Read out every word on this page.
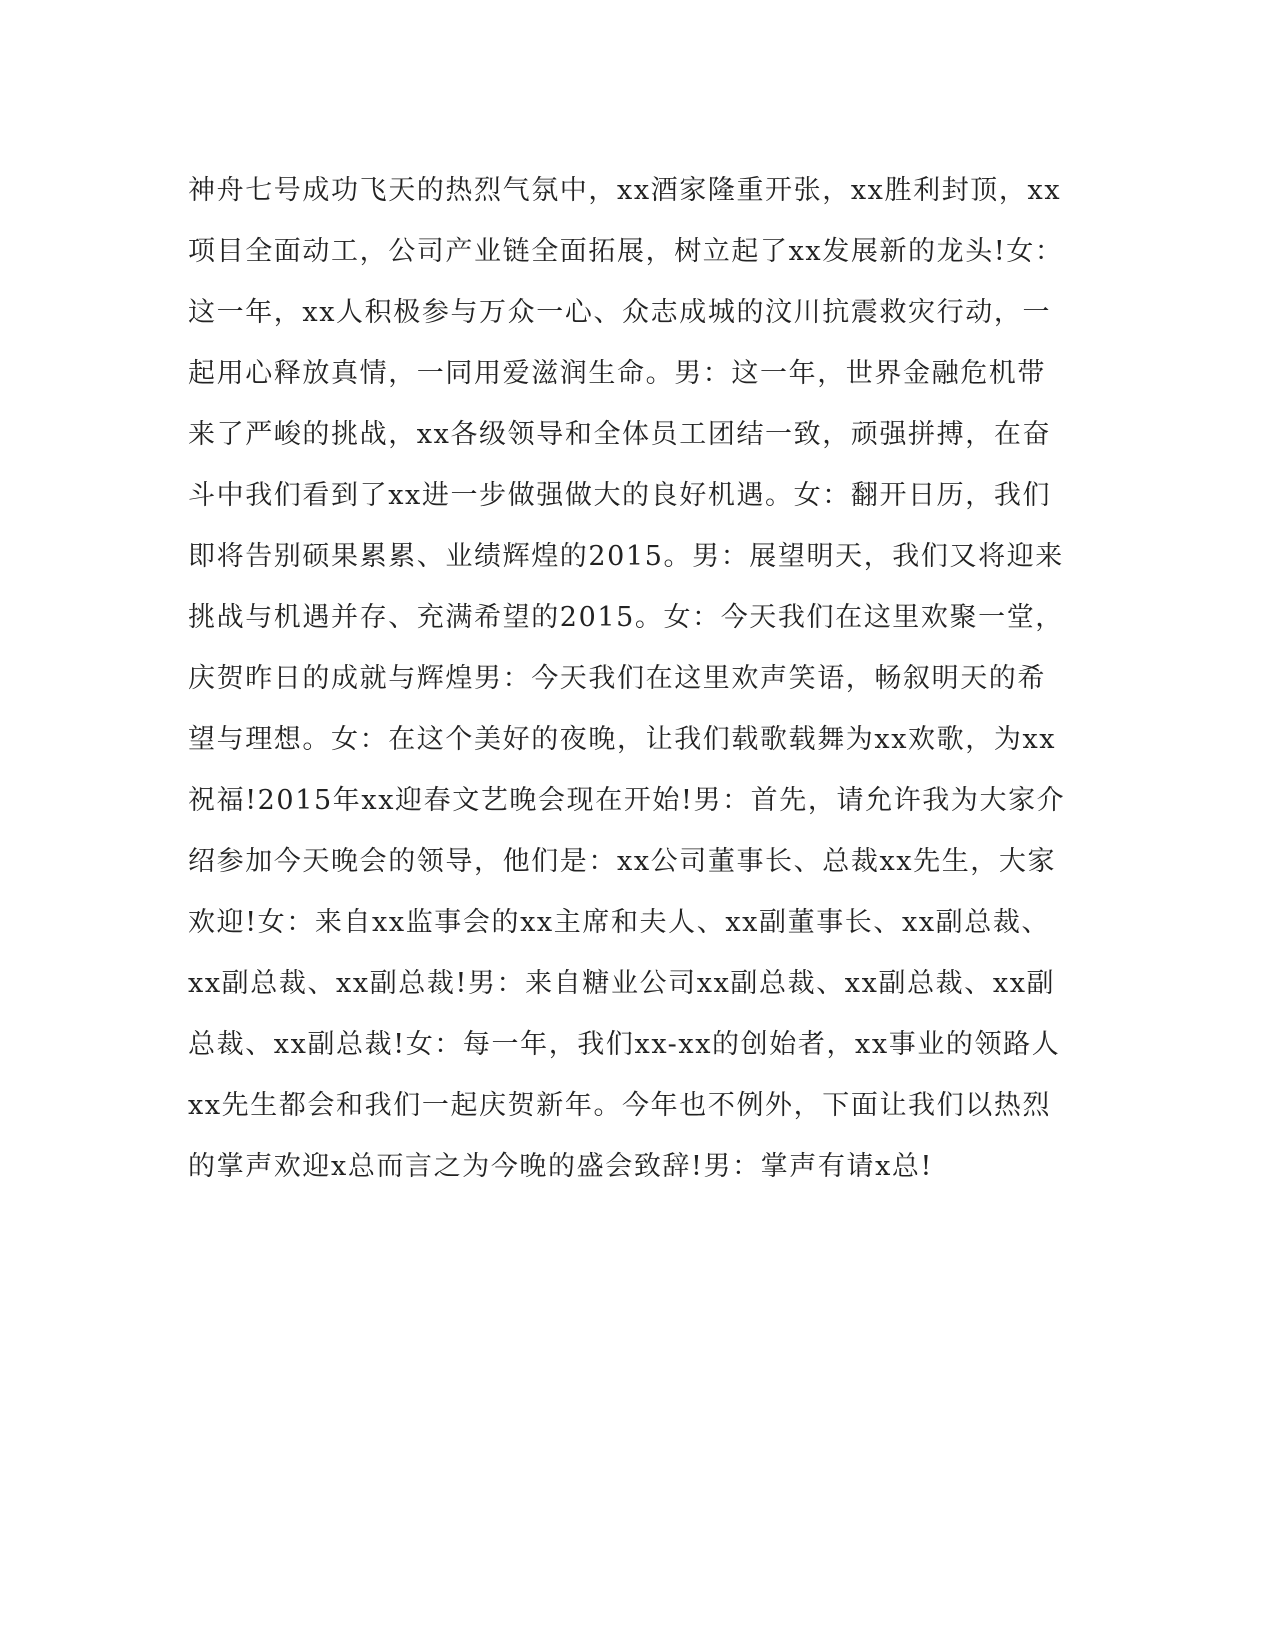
神舟七号成功飞天的热烈气氛中，xx酒家隆重开张，xx胜利封顶，xx
项目全面动工，公司产业链全面拓展，树立起了xx发展新的龙头!女：
这一年，xx人积极参与万众一心、众志成城的汶川抗震救灾行动，一
起用心释放真情，一同用爱滋润生命。男：这一年，世界金融危机带
来了严峻的挑战，xx各级领导和全体员工团结一致，顽强拼搏，在奋
斗中我们看到了xx进一步做强做大的良好机遇。女：翻开日历，我们
即将告别硕果累累、业绩辉煌的2015。男：展望明天，我们又将迎来
挑战与机遇并存、充满希望的2015。女：今天我们在这里欢聚一堂，
庆贺昨日的成就与辉煌男：今天我们在这里欢声笑语，畅叙明天的希
望与理想。女：在这个美好的夜晚，让我们载歌载舞为xx欢歌，为xx
祝福!2015年xx迎春文艺晚会现在开始!男：首先，请允许我为大家介
绍参加今天晚会的领导，他们是：xx公司董事长、总裁xx先生，大家
欢迎!女：来自xx监事会的xx主席和夫人、xx副董事长、xx副总裁、
xx副总裁、xx副总裁!男：来自糖业公司xx副总裁、xx副总裁、xx副
总裁、xx副总裁!女：每一年，我们xx-xx的创始者，xx事业的领路人
xx先生都会和我们一起庆贺新年。今年也不例外，下面让我们以热烈
的掌声欢迎x总而言之为今晚的盛会致辞!男：掌声有请x总!
